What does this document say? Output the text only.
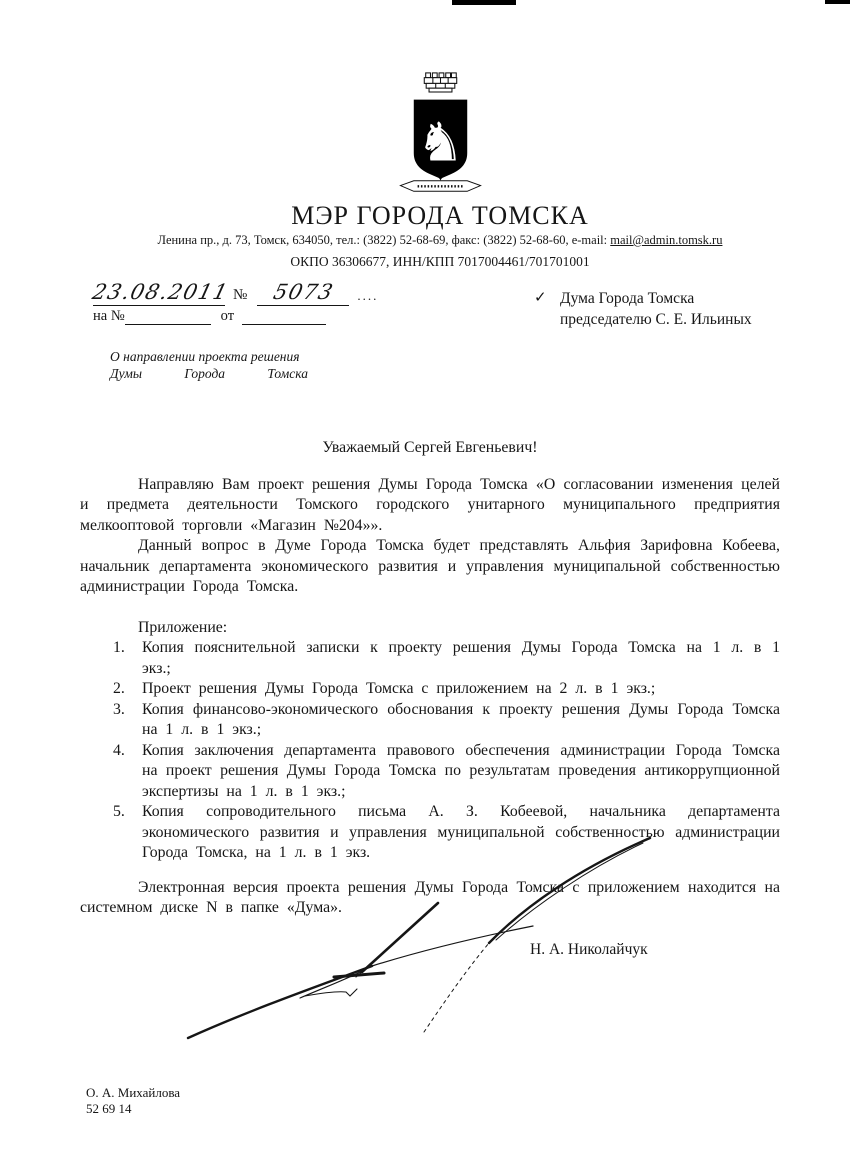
♞
МЭР ГОРОДА ТОМСКА
Ленина пр., д. 73, Томск, 634050, тел.: (3822) 52-68-69, факс: (3822) 52-68-60, e-mail: mail@admin.tomsk.ru
ОКПО 36306677, ИНН/КПП 7017004461/701701001
23.08.2011 №	5073	....
на №	от
✓ Дума Города Томска
председателю С. Е. Ильиных
О направлении проекта решения
Думы	Города	Томска
Уважаемый Сергей Евгеньевич!

Направляю Вам проект решения Думы Города Томска «О согласовании изменения целей и предмета деятельности Томского городского унитарного муниципального предприятия мелкооптовой торговли «Магазин №204»».

Данный вопрос в Думе Города Томска будет представлять Альфия Зарифовна Кобеева, начальник департамента экономического развития и управления муниципальной собственностью администрации Города Томска.

Приложение:
1. Копия пояснительной записки к проекту решения Думы Города Томска на 1 л. в 1 экз.;
2. Проект решения Думы Города Томска с приложением на 2 л. в 1 экз.;
3. Копия финансово-экономического обоснования к проекту решения Думы Города Томска на 1 л. в 1 экз.;
4. Копия заключения департамента правового обеспечения администрации Города Томска на проект решения Думы Города Томска по результатам проведения антикоррупционной экспертизы на 1 л. в 1 экз.;
5. Копия сопроводительного письма А. З. Кобеевой, начальника департамента экономического развития и управления муниципальной собственностью администрации Города Томска, на 1 л. в 1 экз.

Электронная версия проекта решения Думы Города Томска с приложением находится на системном диске N в папке «Дума».

Н. А. Николайчук
О. А. Михайлова
52 69 14
